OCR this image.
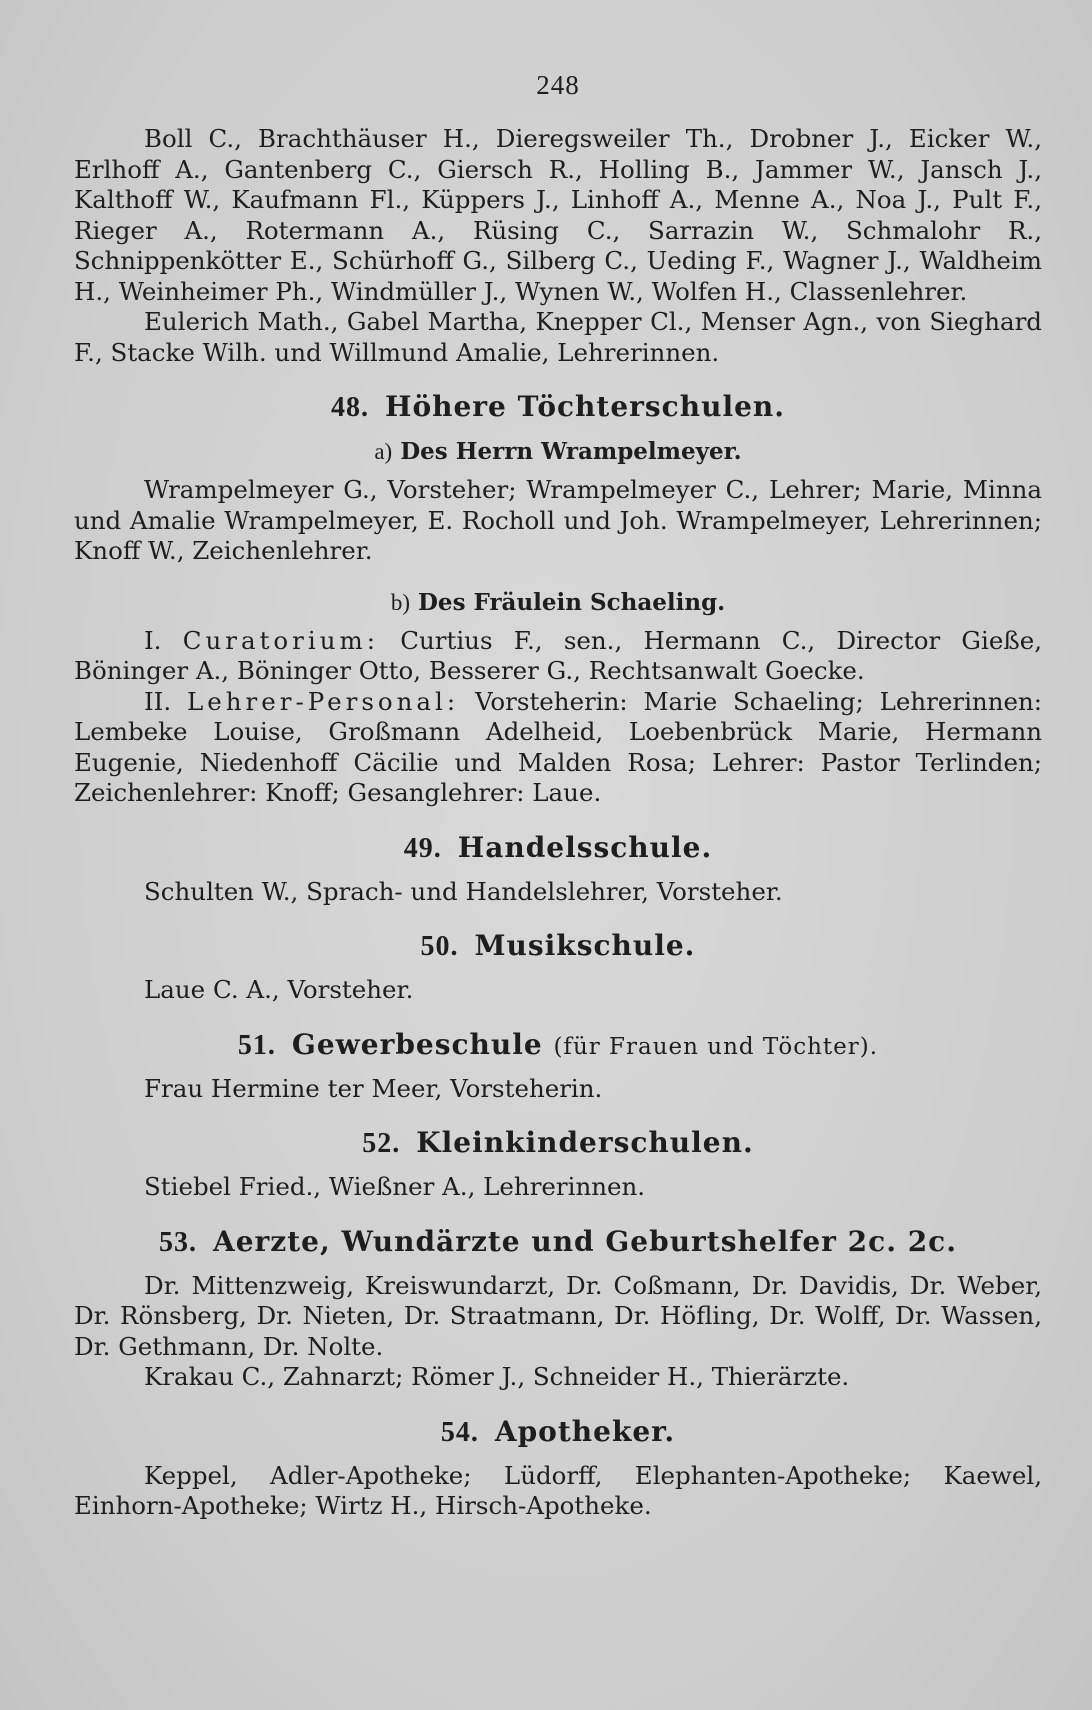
248

Boll C., Brachthäuser H., Dieregsweiler Th., Drobner J., Eicker W., Erlhoff A., Gantenberg C., Giersch R., Holling B., Jammer W., Jansch J., Kalthoff W., Kaufmann Fl., Küppers J., Linhoff A., Menne A., Noa J., Pult F., Rieger A., Rotermann A., Rüsing C., Sarrazin W., Schmalohr R., Schnippenkötter E., Schürhoff G., Silberg C., Ueding F., Wagner J., Waldheim H., Weinheimer Ph., Windmüller J., Wynen W., Wolfen H., Classenlehrer.

Eulerich Math., Gabel Martha, Knepper Cl., Menser Agn., von Sieghard F., Stacke Wilh. und Willmund Amalie, Lehrerinnen.

48. Höhere Töchterschulen.
a) Des Herrn Wrampelmeyer.

Wrampelmeyer G., Vorsteher; Wrampelmeyer C., Lehrer; Marie, Minna und Amalie Wrampelmeyer, E. Rocholl und Joh. Wrampelmeyer, Lehrerinnen; Knoff W., Zeichenlehrer.

b) Des Fräulein Schaeling.

I. Curatorium: Curtius F., sen., Hermann C., Director Gieße, Böninger A., Böninger Otto, Besserer G., Rechtsanwalt Goecke.

II. Lehrer-Personal: Vorsteherin: Marie Schaeling; Lehrerinnen: Lembeke Louise, Großmann Adelheid, Loebenbrück Marie, Hermann Eugenie, Niedenhoff Cäcilie und Malden Rosa; Lehrer: Pastor Terlinden; Zeichenlehrer: Knoff; Gesanglehrer: Laue.

49. Handelsschule.

Schulten W., Sprach- und Handelslehrer, Vorsteher.

50. Musikschule.

Laue C. A., Vorsteher.

51. Gewerbeschule (für Frauen und Töchter).

Frau Hermine ter Meer, Vorsteherin.

52. Kleinkinderschulen.

Stiebel Fried., Wießner A., Lehrerinnen.

53. Aerzte, Wundärzte und Geburtshelfer 2c. 2c.

Dr. Mittenzweig, Kreiswundarzt, Dr. Coßmann, Dr. Davidis, Dr. Weber, Dr. Rönsberg, Dr. Nieten, Dr. Straatmann, Dr. Höfling, Dr. Wolff, Dr. Wassen, Dr. Gethmann, Dr. Nolte.

Krakau C., Zahnarzt; Römer J., Schneider H., Thierärzte.

54. Apotheker.

Keppel, Adler-Apotheke; Lüdorff, Elephanten-Apotheke; Kaewel, Einhorn-Apotheke; Wirtz H., Hirsch-Apotheke.
